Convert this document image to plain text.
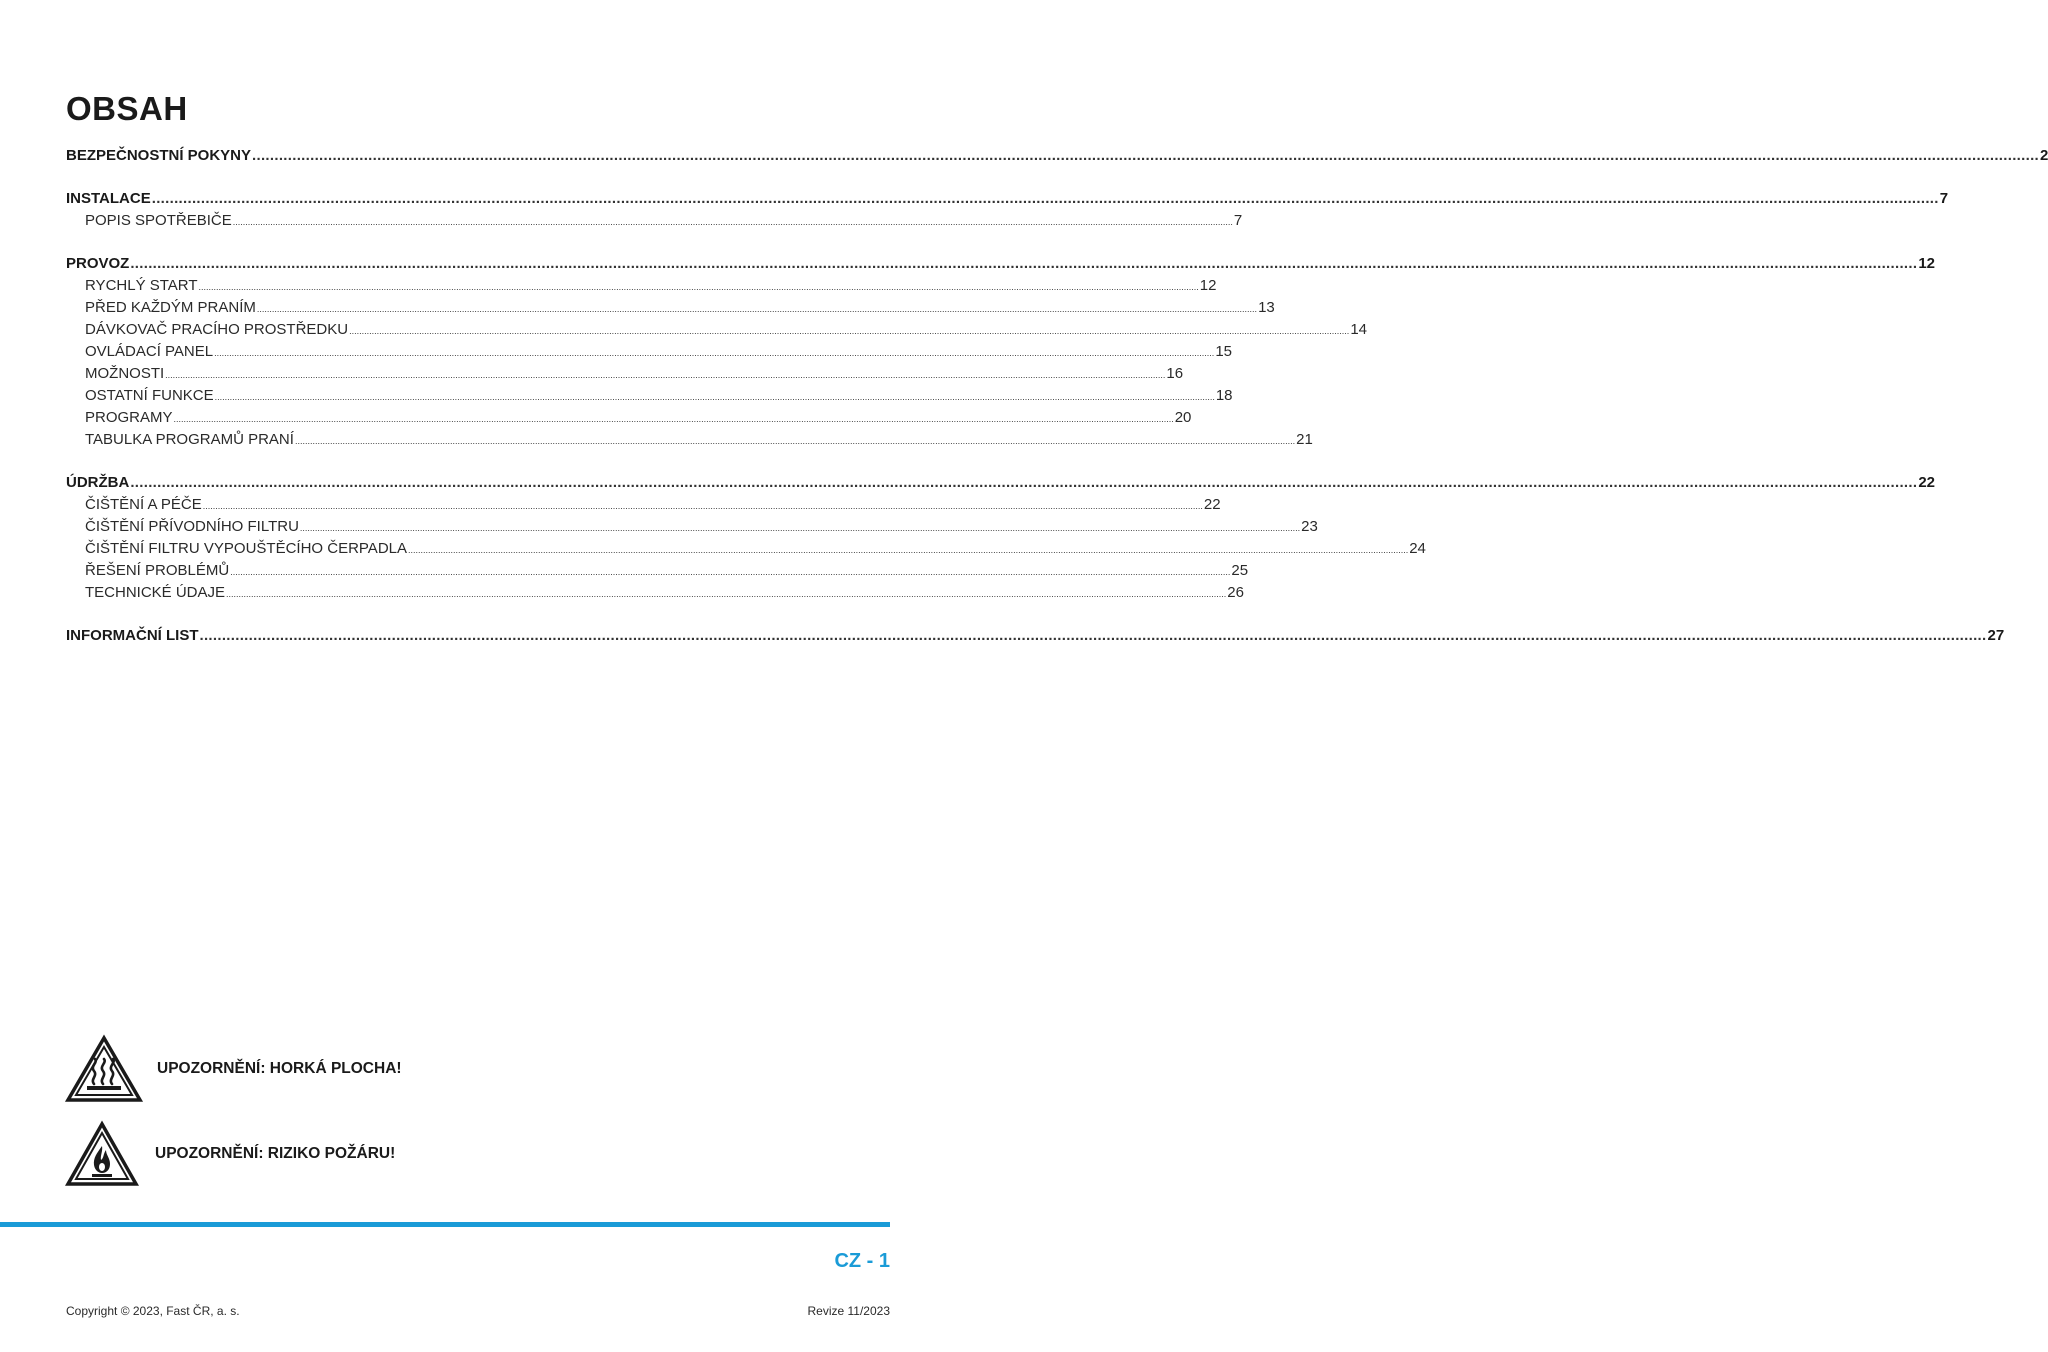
OBSAH
BEZPEČNOSTNÍ POKYNY ................................................................................................................................................................................................................................................................................................................................................................................................................ 2
INSTALACE ................................................................................................................................................................................................................................................................................................................................................................................................................ 7
POPIS SPOTŘEBIČE ................................................................................................................................................................................................................................................................................................................................................................................................................ 7
PROVOZ ................................................................................................................................................................................................................................................................................................................................................................................................................ 12
RYCHLÝ START ................................................................................................................................................................................................................................................................................................................................................................................................................ 12
PŘED KAŽDÝM PRANÍM ................................................................................................................................................................................................................................................................................................................................................................................................................ 13
DÁVKOVAČ PRACÍHO PROSTŘEDKU ................................................................................................................................................................................................................................................................................................................................................................................................................ 14
OVLÁDACÍ PANEL ................................................................................................................................................................................................................................................................................................................................................................................................................ 15
MOŽNOSTI ................................................................................................................................................................................................................................................................................................................................................................................................................ 16
OSTATNÍ FUNKCE ................................................................................................................................................................................................................................................................................................................................................................................................................ 18
PROGRAMY ................................................................................................................................................................................................................................................................................................................................................................................................................ 20
TABULKA PROGRAMŮ PRANÍ ................................................................................................................................................................................................................................................................................................................................................................................................................ 21
ÚDRŽBA ................................................................................................................................................................................................................................................................................................................................................................................................................ 22
ČIŠTĚNÍ A PÉČE ................................................................................................................................................................................................................................................................................................................................................................................................................ 22
ČIŠTĚNÍ PŘÍVODNÍHO FILTRU ................................................................................................................................................................................................................................................................................................................................................................................................................ 23
ČIŠTĚNÍ FILTRU VYPOUŠTĚCÍHO ČERPADLA ................................................................................................................................................................................................................................................................................................................................................................................................................ 24
ŘEŠENÍ PROBLÉMŮ ................................................................................................................................................................................................................................................................................................................................................................................................................ 25
TECHNICKÉ ÚDAJE ................................................................................................................................................................................................................................................................................................................................................................................................................ 26
INFORMAČNÍ LIST ................................................................................................................................................................................................................................................................................................................................................................................................................ 27
UPOZORNĚNÍ: HORKÁ PLOCHA!
UPOZORNĚNÍ: RIZIKO POŽÁRU!
CZ - 1
Copyright © 2023, Fast ČR, a. s.	Revize 11/2023
